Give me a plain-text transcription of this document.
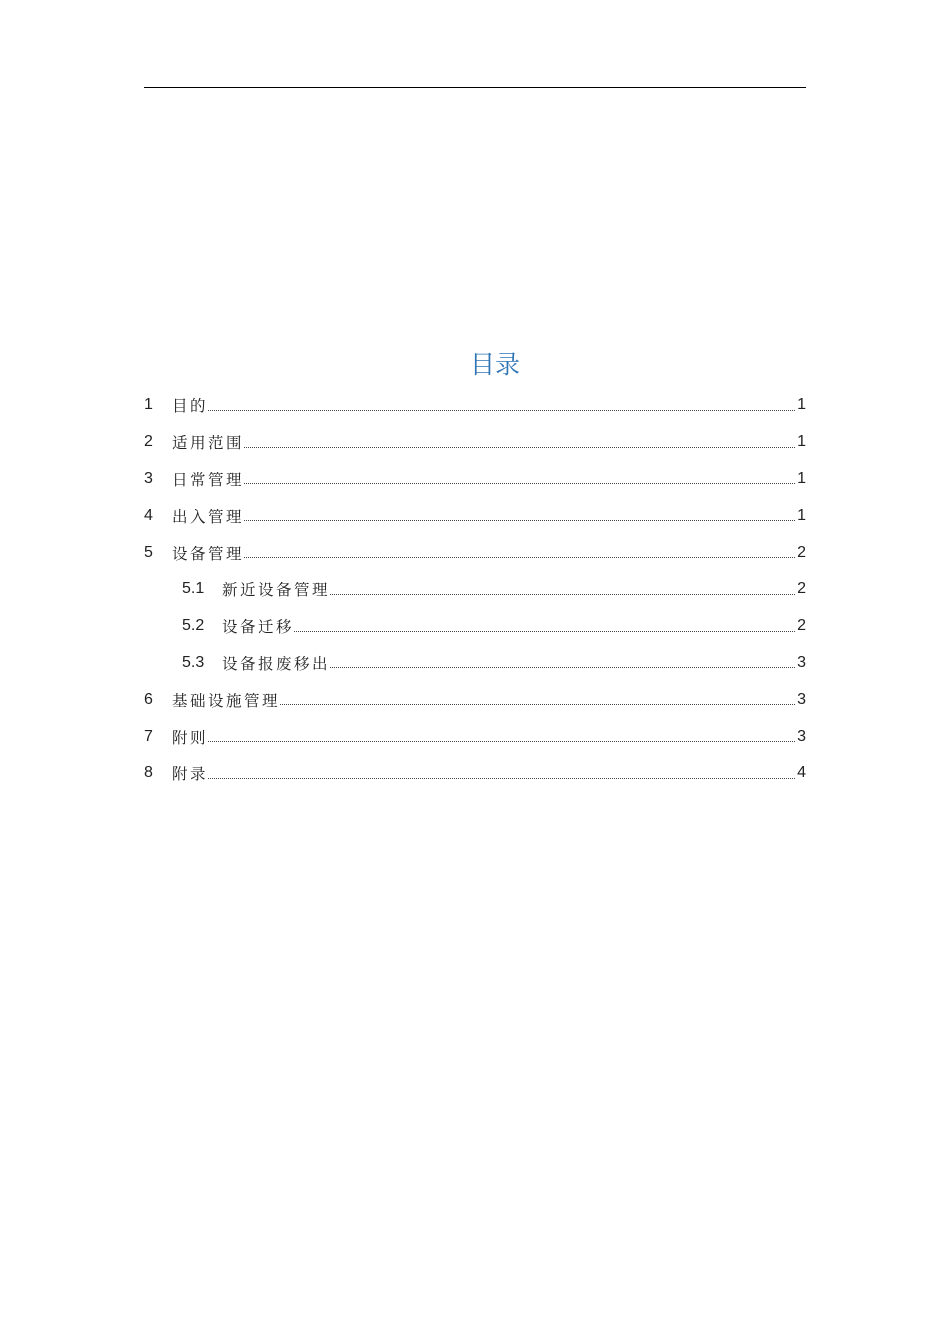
目录
1	目的	1
2	适用范围	1
3	日常管理	1
4	出入管理	1
5	设备管理	2
5.1	新近设备管理	2
5.2	设备迁移	2
5.3	设备报废移出	3
6	基础设施管理	3
7	附则	3
8	附录	4
